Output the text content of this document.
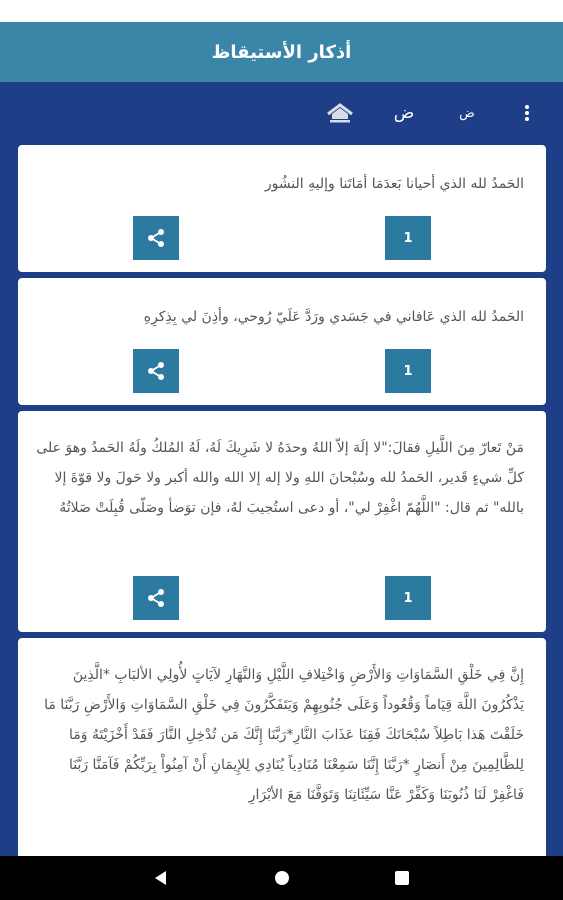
أذكار الأستيقاظ
ض
ض
الحَمدُ لله الذي أحيانا بَعدَمَا أمَاتَنا وإليهِ النشُور
1
الحَمدُ لله الذي عَافاني في جَسَدي ورَدَّ عَلَيّ رُوحي، وأذِنَ لي بِذِكرِهِ
1
مَنْ تَعارّ مِنَ اللَّيلِ فقالَ:"لا إلَهَ إلاّ اللهُ وحدَهُ لا شَرِيكَ لَهُ، لَهُ المُلكُ ولَهُ الحَمدُ وهوَ على كلِّ شيءٍ قَدير، الحَمدُ لله وسُبْحانَ اللهِ ولا إله إلا الله والله أكبر ولا حَولَ ولا قوّةَ إلا بالله" ثم قال: "اللَّهُمّ اغْفِرْ لي"، أو دعى استُجيبَ لهُ، فإن توَضأ وصَلّى قُبِلَتْ صَلاتُهُ
1
إِنَّ فِي خَلْقِ السَّمَاوَاتِ وَالأَرْضِ وَاخْتِلافِ اللَّيْلِ وَالنَّهَارِ لآيَاتٍ لأُولِي الألبَابِ *الَّذِينَ يَذْكُرُونَ اللَّهَ قِيَاماً وَقُعُوداً وَعَلَى جُنُوبِهِمْ وَيَتَفَكَّرُونَ فِي خَلْقِ السَّمَاوَاتِ وَالأَرْضِ رَبَّنَا مَا خَلَقْتَ هَذا بَاطِلاً سُبْحَانَكَ فَقِنَا عَذَابَ النَّارِ*رَبَّنَا إِنَّكَ مَن تُدْخِلِ النَّارَ فَقَدْ أَخْزَيْتَهُ وَمَا لِلظَّالِمِينَ مِنْ أَنصَارٍ *رَبَّنَا إِنَّنَا سَمِعْنَا مُنَادِياً يُنَادِي لِلإِيمَانِ أَنْ آمِنُواْ بِرَبِّكُمْ فَآمَنَّا رَبَّنَا فَاغْفِرْ لَنَا ذُنُوبَنَا وَكَفِّرْ عَنَّا سَيِّئَاتِنَا وَتَوَفَّنَا مَعَ الأبْرَارِ
